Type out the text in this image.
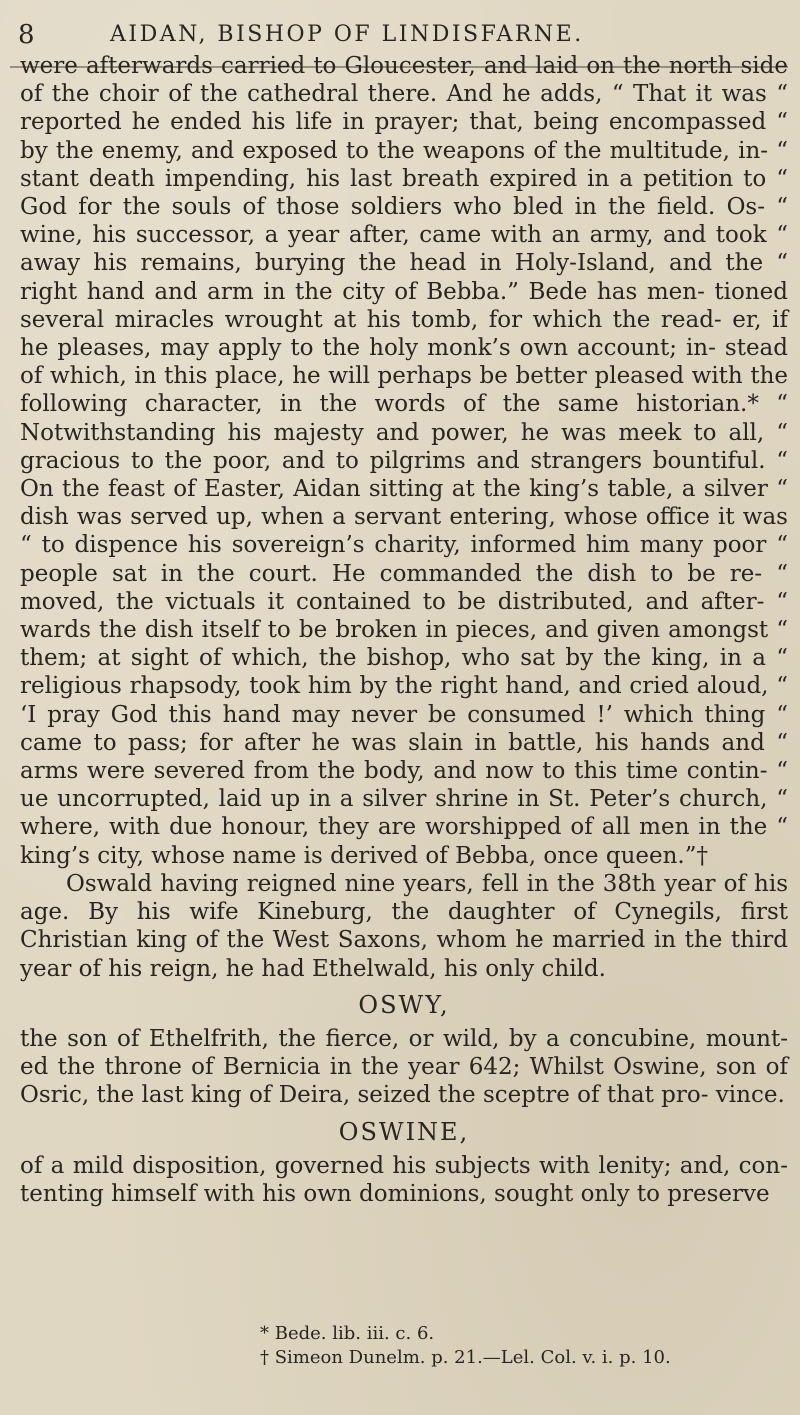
8	AIDAN, BISHOP OF LINDISFARNE.

were afterwards carried to Gloucester, and laid on the north side of the choir of the cathedral there. And he adds, “ That it was “ reported he ended his life in prayer; that, being encompassed “ by the enemy, and exposed to the weapons of the multitude, in- “ stant death impending, his last breath expired in a petition to “ God for the souls of those soldiers who bled in the field. Os- “ wine, his successor, a year after, came with an army, and took “ away his remains, burying the head in Holy-Island, and the “ right hand and arm in the city of Bebba.” Bede has men- tioned several miracles wrought at his tomb, for which the read- er, if he pleases, may apply to the holy monk’s own account; in- stead of which, in this place, he will perhaps be better pleased with the following character, in the words of the same historian.* “ Notwithstanding his majesty and power, he was meek to all, “ gracious to the poor, and to pilgrims and strangers bountiful. “ On the feast of Easter, Aidan sitting at the king’s table, a silver “ dish was served up, when a servant entering, whose office it was “ to dispence his sovereign’s charity, informed him many poor “ people sat in the court. He commanded the dish to be re- “ moved, the victuals it contained to be distributed, and after- “ wards the dish itself to be broken in pieces, and given amongst “ them; at sight of which, the bishop, who sat by the king, in a “ religious rhapsody, took him by the right hand, and cried aloud, “ ‘I pray God this hand may never be consumed !’ which thing “ came to pass; for after he was slain in battle, his hands and “ arms were severed from the body, and now to this time contin- “ ue uncorrupted, laid up in a silver shrine in St. Peter’s church, “ where, with due honour, they are worshipped of all men in the “ king’s city, whose name is derived of Bebba, once queen.”†

Oswald having reigned nine years, fell in the 38th year of his age. By his wife Kineburg, the daughter of Cynegils, first Christian king of the West Saxons, whom he married in the third year of his reign, he had Ethelwald, his only child.

OSWY,

the son of Ethelfrith, the fierce, or wild, by a concubine, mount- ed the throne of Bernicia in the year 642; Whilst Oswine, son of Osric, the last king of Deira, seized the sceptre of that pro- vince.

OSWINE,

of a mild disposition, governed his subjects with lenity; and, con- tenting himself with his own dominions, sought only to preserve

* Bede. lib. iii. c. 6.
† Simeon Dunelm. p. 21.—Lel. Col. v. i. p. 10.
